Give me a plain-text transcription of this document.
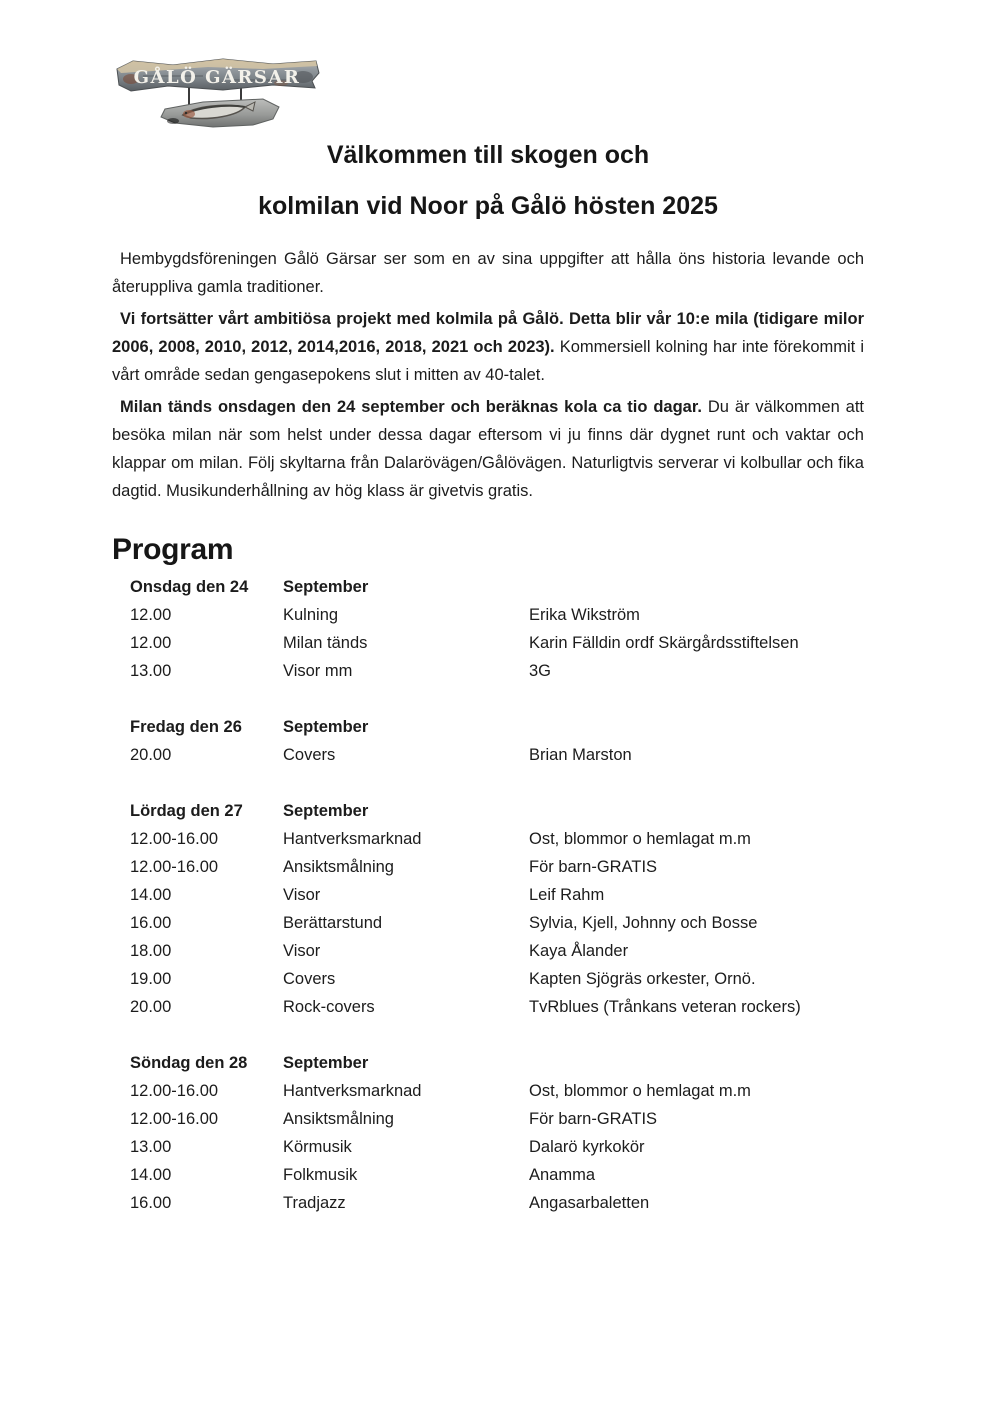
GÅLÖ GÄRSAR

Välkommen till skogen och

kolmilan vid Noor på Gålö hösten 2025

Hembygdsföreningen Gålö Gärsar ser som en av sina uppgifter att hålla öns historia levande och återuppliva gamla traditioner.

Vi fortsätter vårt ambitiösa projekt med kolmila på Gålö. Detta blir vår 10:e mila (tidigare milor 2006, 2008, 2010, 2012, 2014,2016, 2018, 2021 och 2023). Kommersiell kolning har inte förekommit i vårt område sedan gengasepokens slut i mitten av 40-talet.

Milan tänds onsdagen den 24 september och beräknas kola ca tio dagar. Du är välkommen att besöka milan när som helst under dessa dagar eftersom vi ju finns där dygnet runt och vaktar och klappar om milan. Följ skyltarna från Dalarövägen/Gålövägen. Naturligtvis serverar vi kolbullar och fika dagtid. Musikunderhållning av hög klass är givetvis gratis.

Program
Onsdag den 24	September
12.00	Kulning	Erika Wikström
12.00	Milan tänds	Karin Fälldin ordf Skärgårdsstiftelsen
13.00	Visor mm	3G
Fredag den 26	September
20.00	Covers	Brian Marston
Lördag den 27	September
12.00-16.00	Hantverksmarknad	Ost, blommor o hemlagat m.m
12.00-16.00	Ansiktsmålning	För barn-GRATIS
14.00	Visor	Leif Rahm
16.00	Berättarstund	Sylvia, Kjell, Johnny och Bosse
18.00	Visor	Kaya Ålander
19.00	Covers	Kapten Sjögräs orkester, Ornö.
20.00	Rock-covers	TvRblues (Trånkans veteran rockers)
Söndag den 28	September
12.00-16.00	Hantverksmarknad	Ost, blommor o hemlagat m.m
12.00-16.00	Ansiktsmålning	För barn-GRATIS
13.00	Körmusik	Dalarö kyrkokör
14.00	Folkmusik	Anamma
16.00	Tradjazz	Angasarbaletten
